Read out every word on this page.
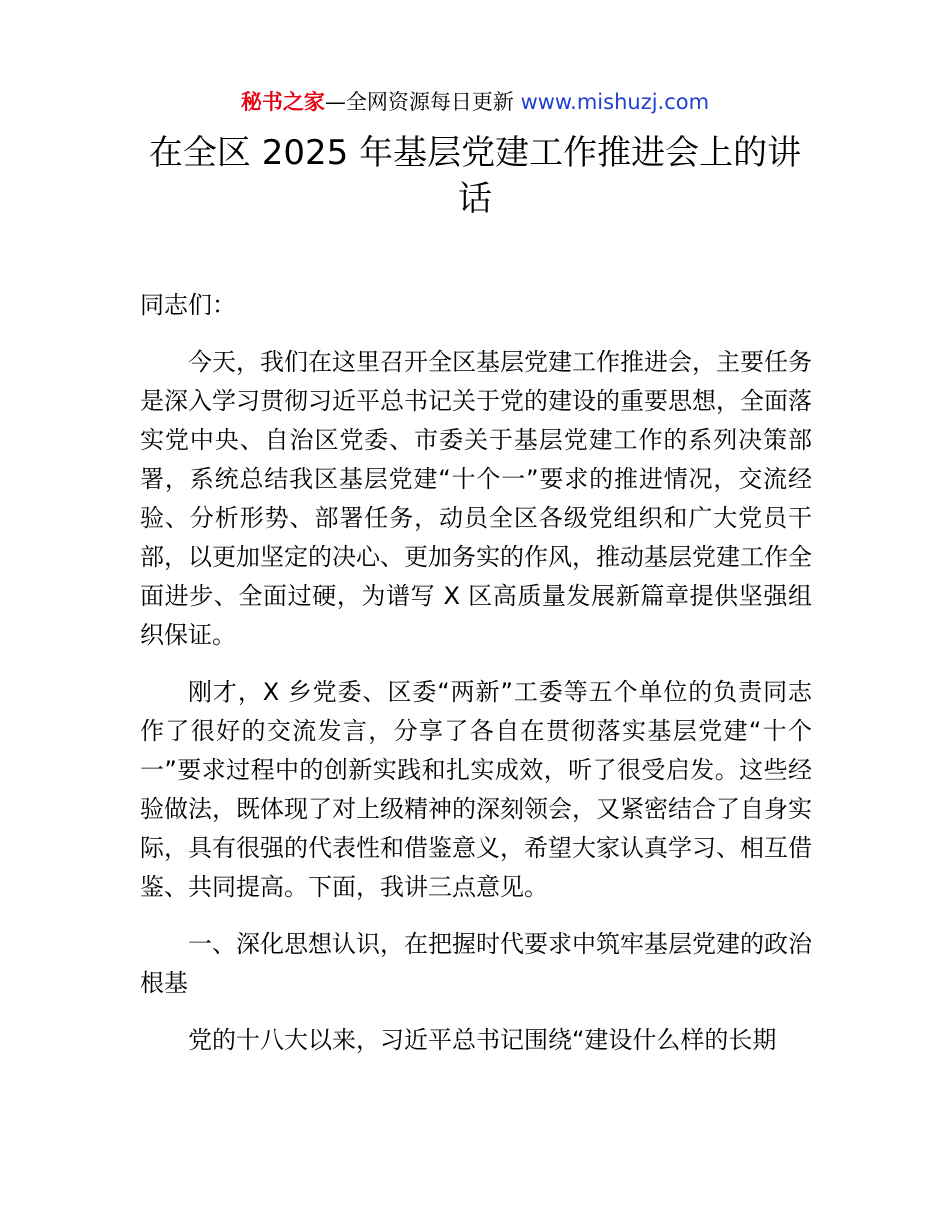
秘书之家—全网资源每日更新 www.mishuzj.com
在全区 2025 年基层党建工作推进会上的讲话

同志们：

今天，我们在这里召开全区基层党建工作推进会，主要任务是深入学习贯彻习近平总书记关于党的建设的重要思想，全面落实党中央、自治区党委、市委关于基层党建工作的系列决策部署，系统总结我区基层党建“十个一”要求的推进情况，交流经验、分析形势、部署任务，动员全区各级党组织和广大党员干部，以更加坚定的决心、更加务实的作风，推动基层党建工作全面进步、全面过硬，为谱写 X 区高质量发展新篇章提供坚强组织保证。

刚才，X 乡党委、区委“两新”工委等五个单位的负责同志作了很好的交流发言，分享了各自在贯彻落实基层党建“十个一”要求过程中的创新实践和扎实成效，听了很受启发。这些经验做法，既体现了对上级精神的深刻领会，又紧密结合了自身实际，具有很强的代表性和借鉴意义，希望大家认真学习、相互借鉴、共同提高。下面，我讲三点意见。

一、深化思想认识，在把握时代要求中筑牢基层党建的政治根基

党的十八大以来，习近平总书记围绕“建设什么样的长期
